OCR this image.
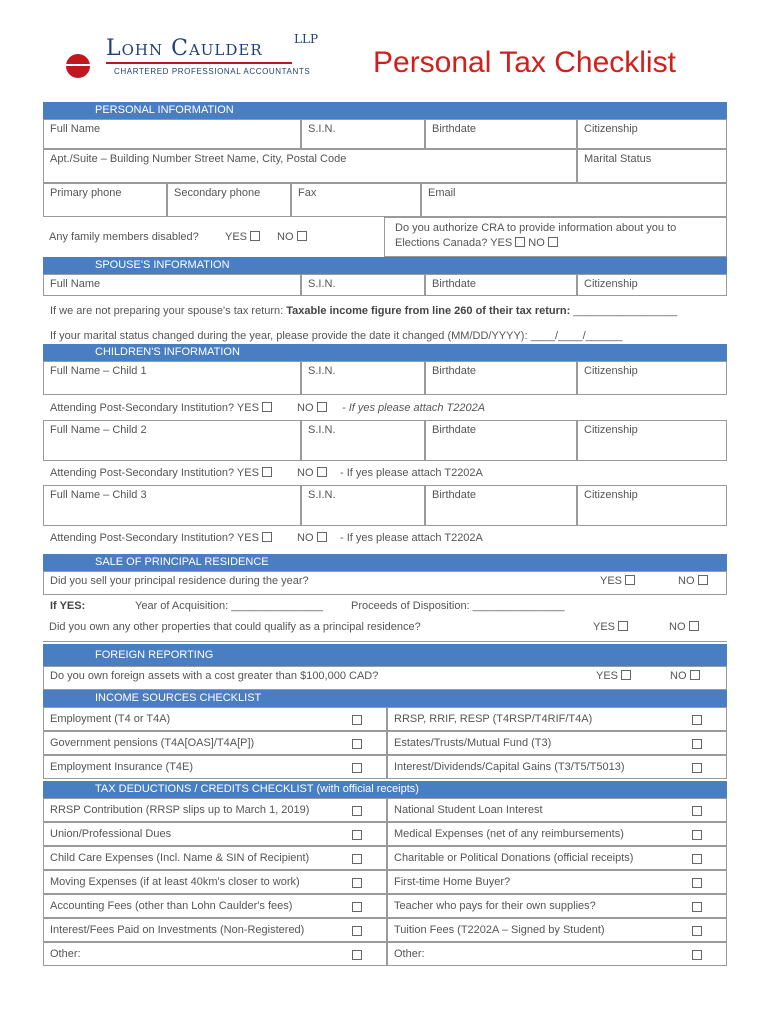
Lohn Caulder	LLP
CHARTERED PROFESSIONAL ACCOUNTANTS Personal Tax Checklist
PERSONAL INFORMATION
Full Name	S.I.N.	Birthdate	Citizenship
Apt./Suite – Building Number Street Name, City, Postal Code	Marital Status
Primary phone	Secondary phone	Fax	Email
Any family members disabled? YES	NO
Do you authorize CRA to provide information about you to
Elections Canada? YES NO
SPOUSE'S INFORMATION
Full Name	S.I.N.	Birthdate	Citizenship
If we are not preparing your spouse's tax return: Taxable income figure from line 260 of their tax return: _________________
If your marital status changed during the year, please provide the date it changed (MM/DD/YYYY): ____/____/______
CHILDREN'S INFORMATION
Full Name – Child 1	S.I.N.	Birthdate	Citizenship
Attending Post-Secondary Institution? YES	NO	- If yes please attach T2202A
Full Name – Child 2	S.I.N.	Birthdate	Citizenship
Attending Post-Secondary Institution? YES	NO	- If yes please attach T2202A
Full Name – Child 3	S.I.N.	Birthdate	Citizenship
Attending Post-Secondary Institution? YES	NO	- If yes please attach T2202A
SALE OF PRINCIPAL RESIDENCE
Did you sell your principal residence during the year?	YES	NO
If YES:	Year of Acquisition: _______________	Proceeds of Disposition: _______________
Did you own any other properties that could qualify as a principal residence?	YES	NO
FOREIGN REPORTING
Do you own foreign assets with a cost greater than $100,000 CAD?	YES	NO
INCOME SOURCES CHECKLIST
Employment (T4 or T4A)	RRSP, RRIF, RESP (T4RSP/T4RIF/T4A)
Government pensions (T4A[OAS]/T4A[P])	Estates/Trusts/Mutual Fund (T3)
Employment Insurance (T4E)	Interest/Dividends/Capital Gains (T3/T5/T5013)
TAX DEDUCTIONS / CREDITS CHECKLIST (with official receipts)
RRSP Contribution (RRSP slips up to March 1, 2019)	National Student Loan Interest
Union/Professional Dues	Medical Expenses (net of any reimbursements)
Child Care Expenses (Incl. Name & SIN of Recipient)	Charitable or Political Donations (official receipts)
Moving Expenses (if at least 40km's closer to work)	First-time Home Buyer?
Accounting Fees (other than Lohn Caulder's fees)	Teacher who pays for their own supplies?
Interest/Fees Paid on Investments (Non-Registered)	Tuition Fees (T2202A – Signed by Student)
Other:	Other:
